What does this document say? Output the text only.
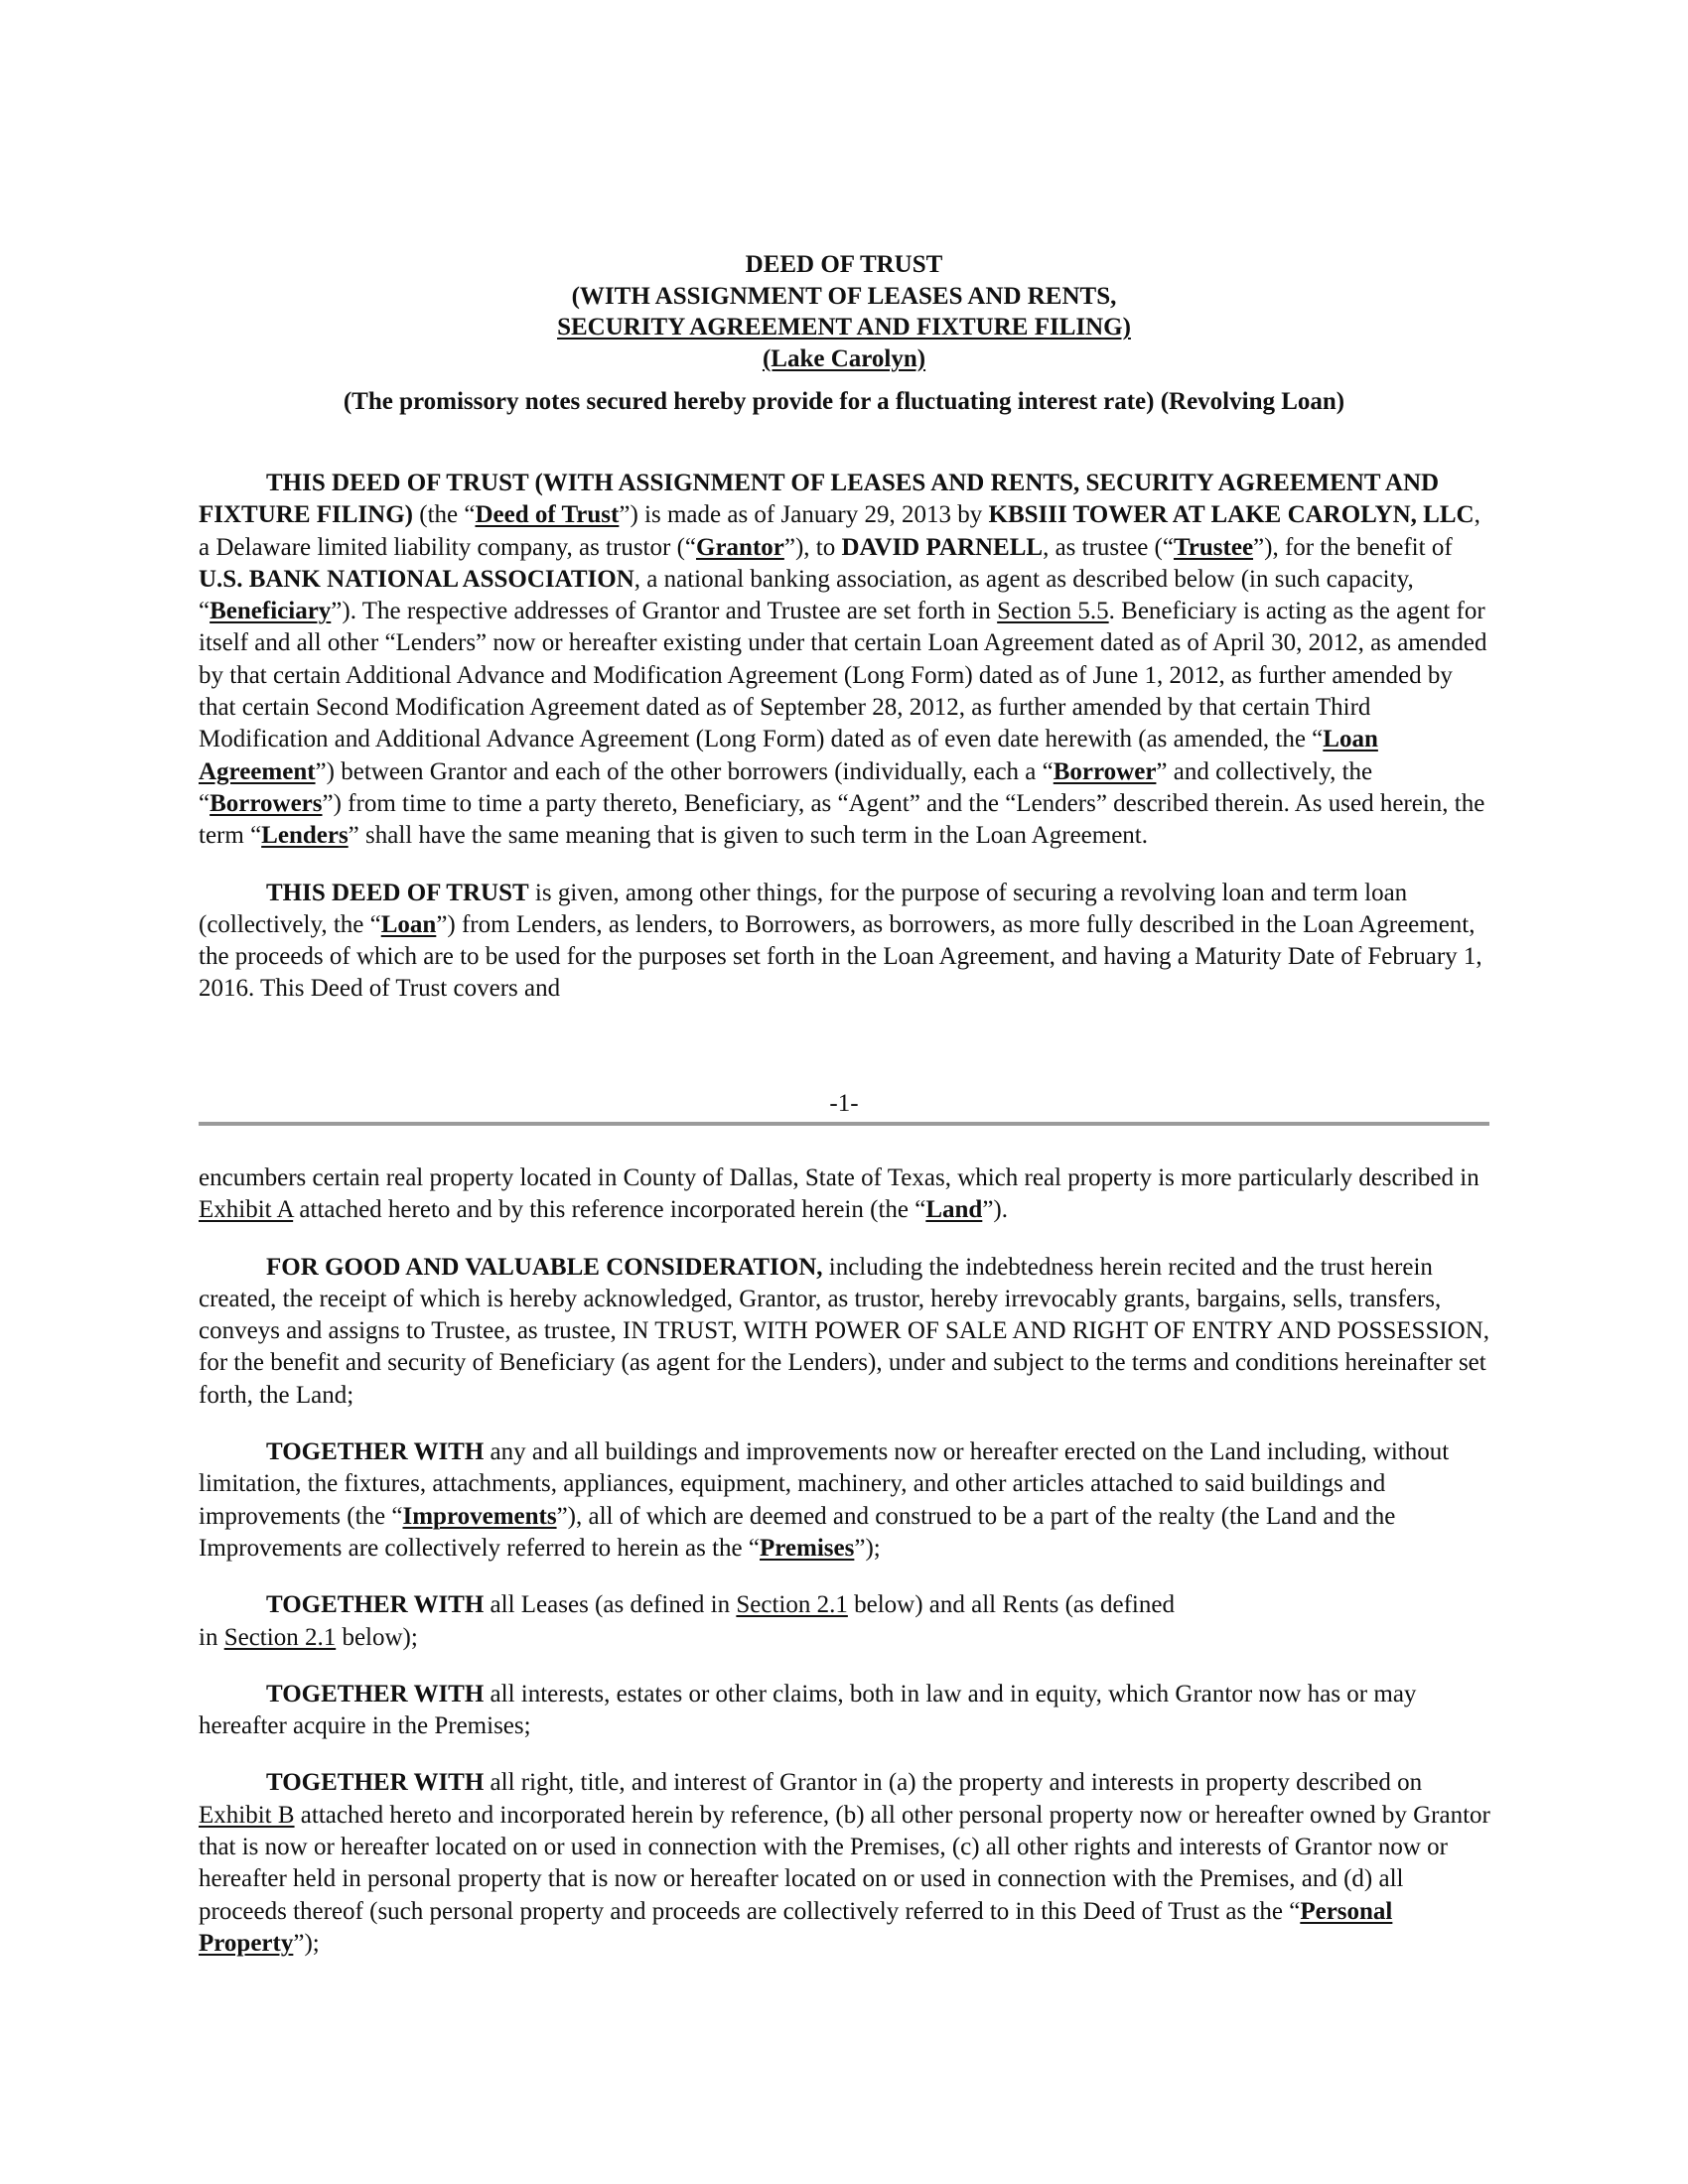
DEED OF TRUST
(WITH ASSIGNMENT OF LEASES AND RENTS,
SECURITY AGREEMENT AND FIXTURE FILING)
(Lake Carolyn)
(The promissory notes secured hereby provide for a fluctuating interest rate) (Revolving Loan)

THIS DEED OF TRUST (WITH ASSIGNMENT OF LEASES AND RENTS, SECURITY AGREEMENT AND FIXTURE FILING) (the “Deed of Trust”) is made as of January 29, 2013 by KBSIII TOWER AT LAKE CAROLYN, LLC, a Delaware limited liability company, as trustor (“Grantor”), to DAVID PARNELL, as trustee (“Trustee”), for the benefit of U.S. BANK NATIONAL ASSOCIATION, a national banking association, as agent as described below (in such capacity, “Beneficiary”). The respective addresses of Grantor and Trustee are set forth in Section 5.5. Beneficiary is acting as the agent for itself and all other “Lenders” now or hereafter existing under that certain Loan Agreement dated as of April 30, 2012, as amended by that certain Additional Advance and Modification Agreement (Long Form) dated as of June 1, 2012, as further amended by that certain Second Modification Agreement dated as of September 28, 2012, as further amended by that certain Third Modification and Additional Advance Agreement (Long Form) dated as of even date herewith (as amended, the “Loan Agreement”) between Grantor and each of the other borrowers (individually, each a “Borrower” and collectively, the “Borrowers”) from time to time a party thereto, Beneficiary, as “Agent” and the “Lenders” described therein. As used herein, the term “Lenders” shall have the same meaning that is given to such term in the Loan Agreement.

THIS DEED OF TRUST is given, among other things, for the purpose of securing a revolving loan and term loan (collectively, the “Loan”) from Lenders, as lenders, to Borrowers, as borrowers, as more fully described in the Loan Agreement, the proceeds of which are to be used for the purposes set forth in the Loan Agreement, and having a Maturity Date of February 1, 2016. This Deed of Trust covers and

-1-

encumbers certain real property located in County of Dallas, State of Texas, which real property is more particularly described in Exhibit A attached hereto and by this reference incorporated herein (the “Land”).

FOR GOOD AND VALUABLE CONSIDERATION, including the indebtedness herein recited and the trust herein created, the receipt of which is hereby acknowledged, Grantor, as trustor, hereby irrevocably grants, bargains, sells, transfers, conveys and assigns to Trustee, as trustee, IN TRUST, WITH POWER OF SALE AND RIGHT OF ENTRY AND POSSESSION, for the benefit and security of Beneficiary (as agent for the Lenders), under and subject to the terms and conditions hereinafter set forth, the Land;

TOGETHER WITH any and all buildings and improvements now or hereafter erected on the Land including, without limitation, the fixtures, attachments, appliances, equipment, machinery, and other articles attached to said buildings and improvements (the “Improvements”), all of which are deemed and construed to be a part of the realty (the Land and the Improvements are collectively referred to herein as the “Premises”);

TOGETHER WITH all Leases (as defined in Section 2.1 below) and all Rents (as defined
in Section 2.1 below);

TOGETHER WITH all interests, estates or other claims, both in law and in equity, which Grantor now has or may hereafter acquire in the Premises;

TOGETHER WITH all right, title, and interest of Grantor in (a) the property and interests in property described on Exhibit B attached hereto and incorporated herein by reference, (b) all other personal property now or hereafter owned by Grantor that is now or hereafter located on or used in connection with the Premises, (c) all other rights and interests of Grantor now or hereafter held in personal property that is now or hereafter located on or used in connection with the Premises, and (d) all proceeds thereof (such personal property and proceeds are collectively referred to in this Deed of Trust as the “Personal Property”);
